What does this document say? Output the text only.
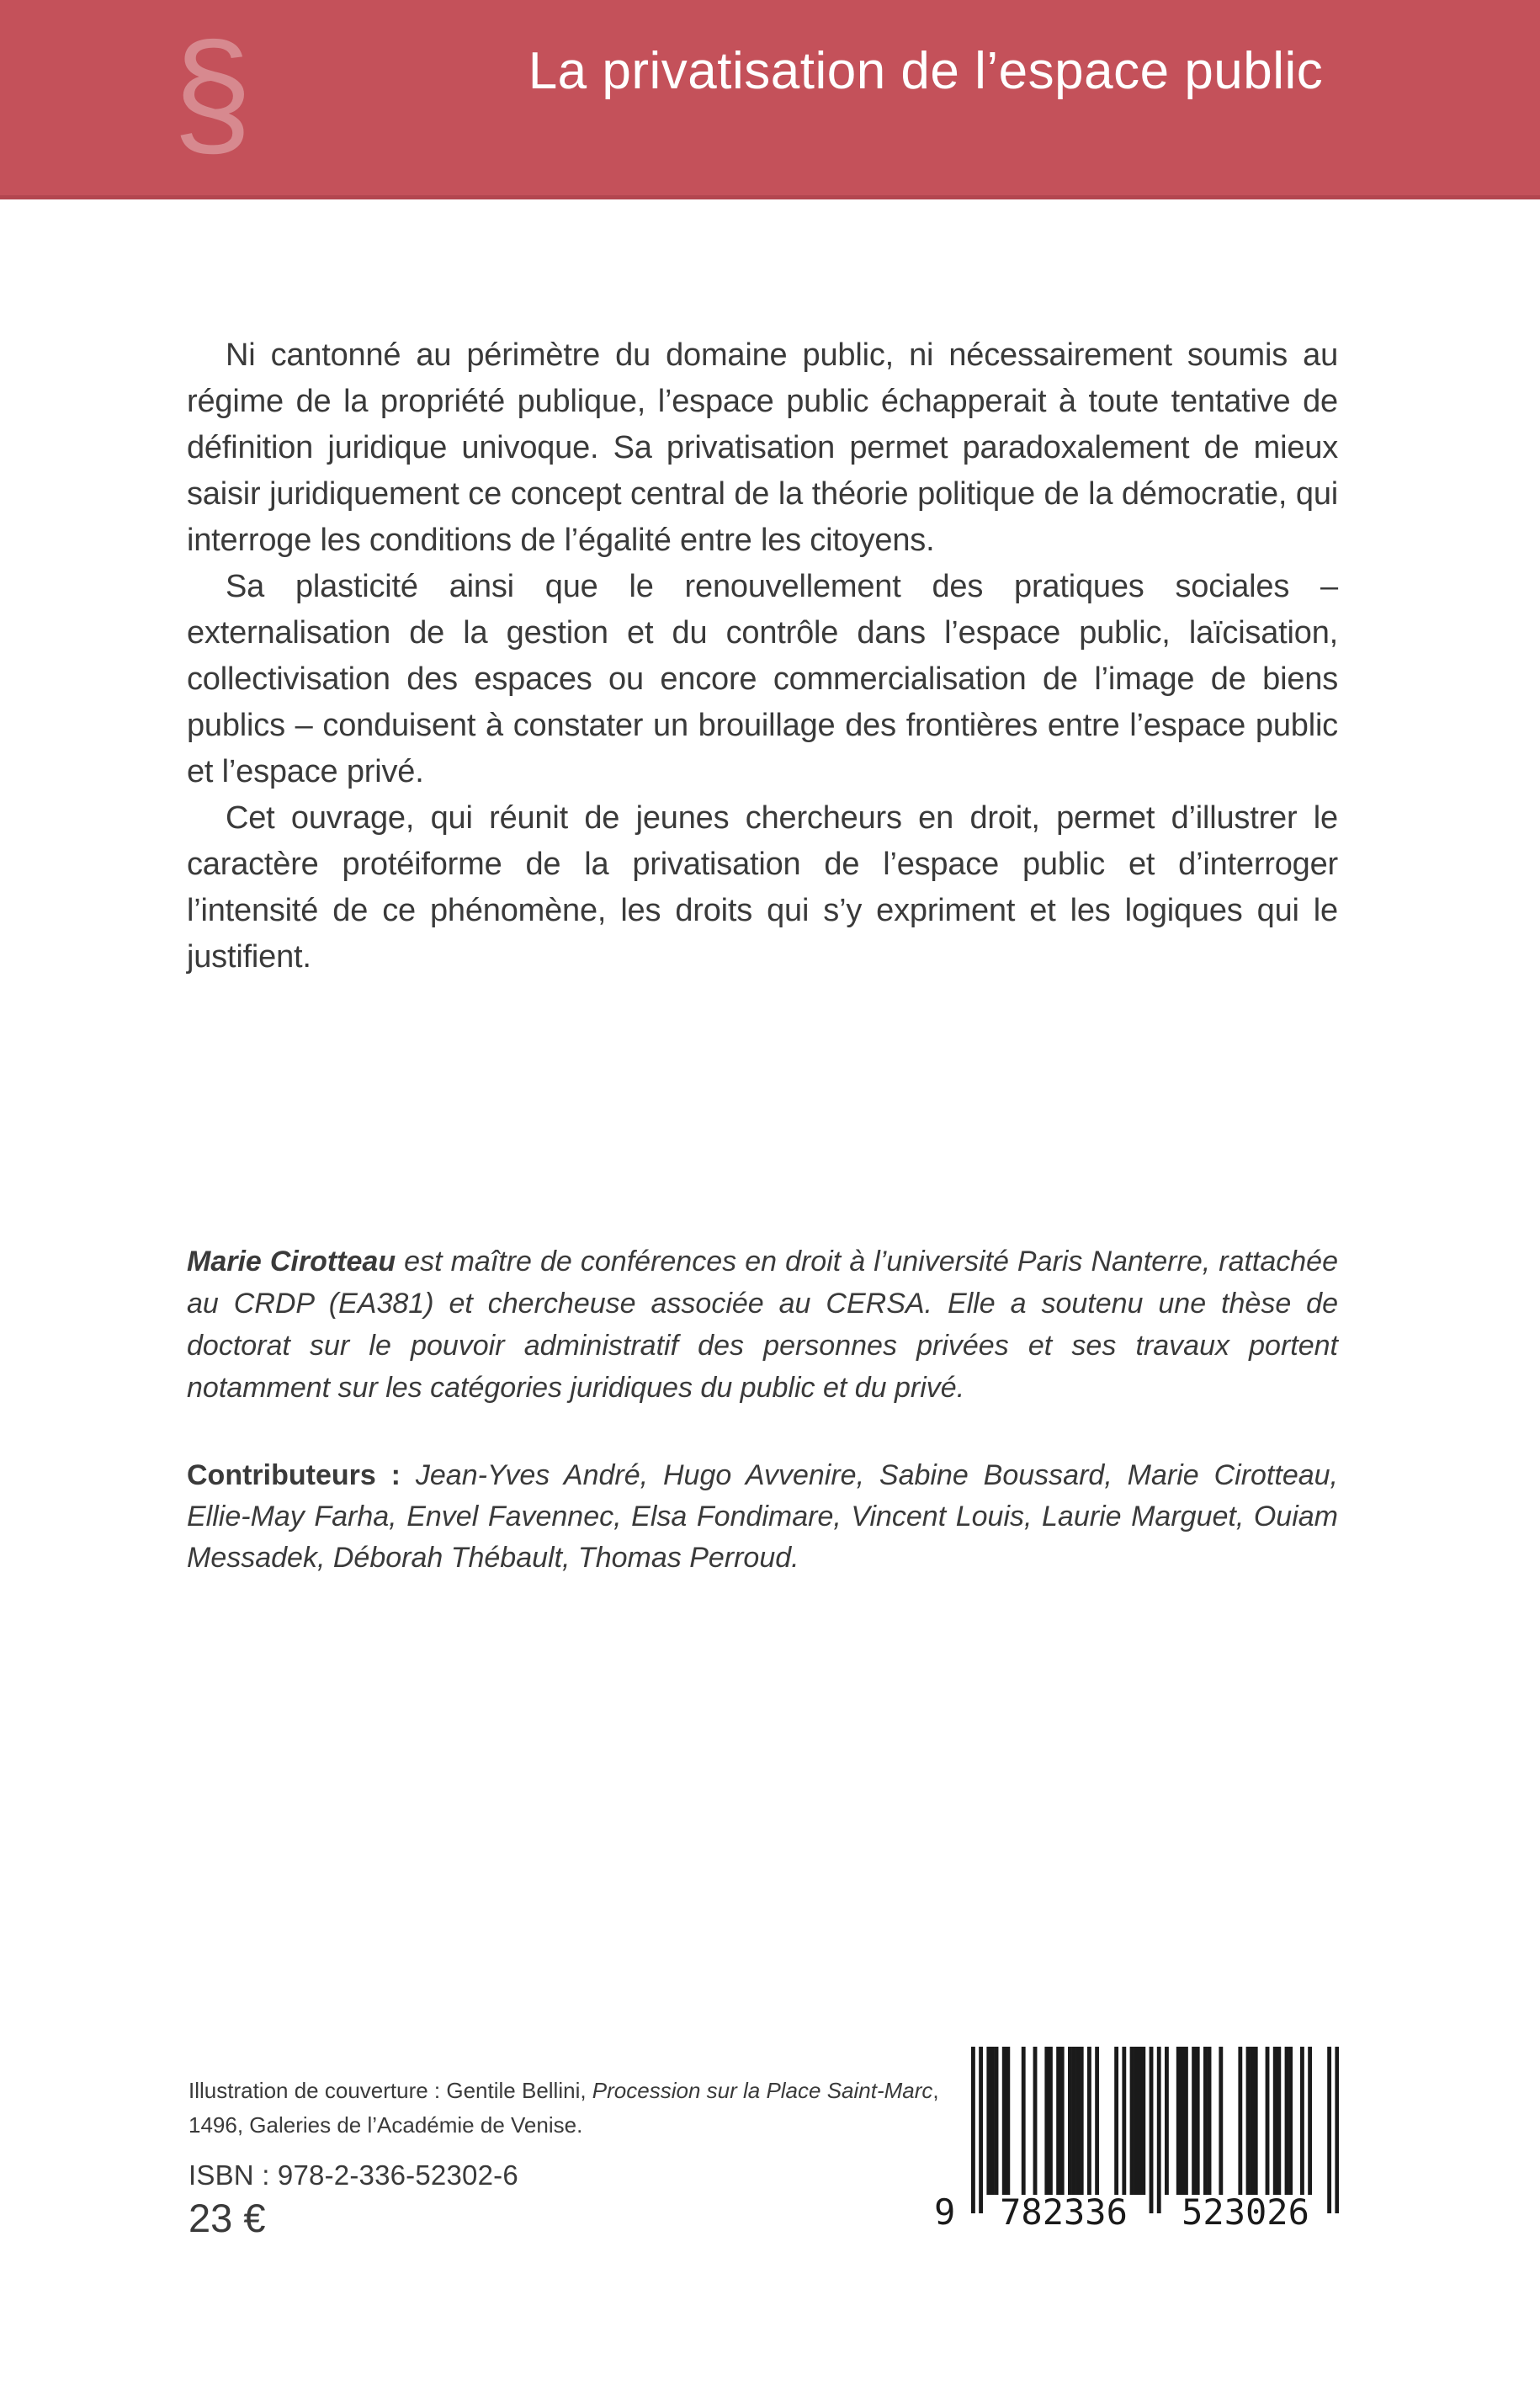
§	La privatisation de l’espace public

Ni cantonné au périmètre du domaine public, ni nécessairement soumis au régime de la propriété publique, l’espace public échapperait à toute tentative de définition juridique univoque. Sa privatisation permet paradoxalement de mieux saisir juridiquement ce concept central de la théorie politique de la démocratie, qui interroge les conditions de l’égalité entre les citoyens.

Sa plasticité ainsi que le renouvellement des pratiques sociales – externalisation de la gestion et du contrôle dans l’espace public, laïcisation, collectivisation des espaces ou encore commercialisation de l’image de biens publics – conduisent à constater un brouillage des frontières entre l’espace public et l’espace privé.

Cet ouvrage, qui réunit de jeunes chercheurs en droit, permet d’illustrer le caractère protéiforme de la privatisation de l’espace public et d’interroger l’intensité de ce phénomène, les droits qui s’y expriment et les logiques qui le justifient.

Marie Cirotteau est maître de conférences en droit à l’université Paris Nanterre, rattachée au CRDP (EA381) et chercheuse associée au CERSA. Elle a soutenu une thèse de doctorat sur le pouvoir administratif des personnes privées et ses travaux portent notamment sur les catégories juridiques du public et du privé.

Contributeurs : Jean-Yves André, Hugo Avvenire, Sabine Boussard, Marie Cirotteau, Ellie-May Farha, Envel Favennec, Elsa Fondimare, Vincent Louis, Laurie Marguet, Ouiam Messadek, Déborah Thébault, Thomas Perroud.

Illustration de couverture : Gentile Bellini, Procession sur la Place Saint-Marc, 1496, Galeries de l’Académie de Venise.

ISBN : 978-2-336-52302-6
23 €	9 782336 523026
